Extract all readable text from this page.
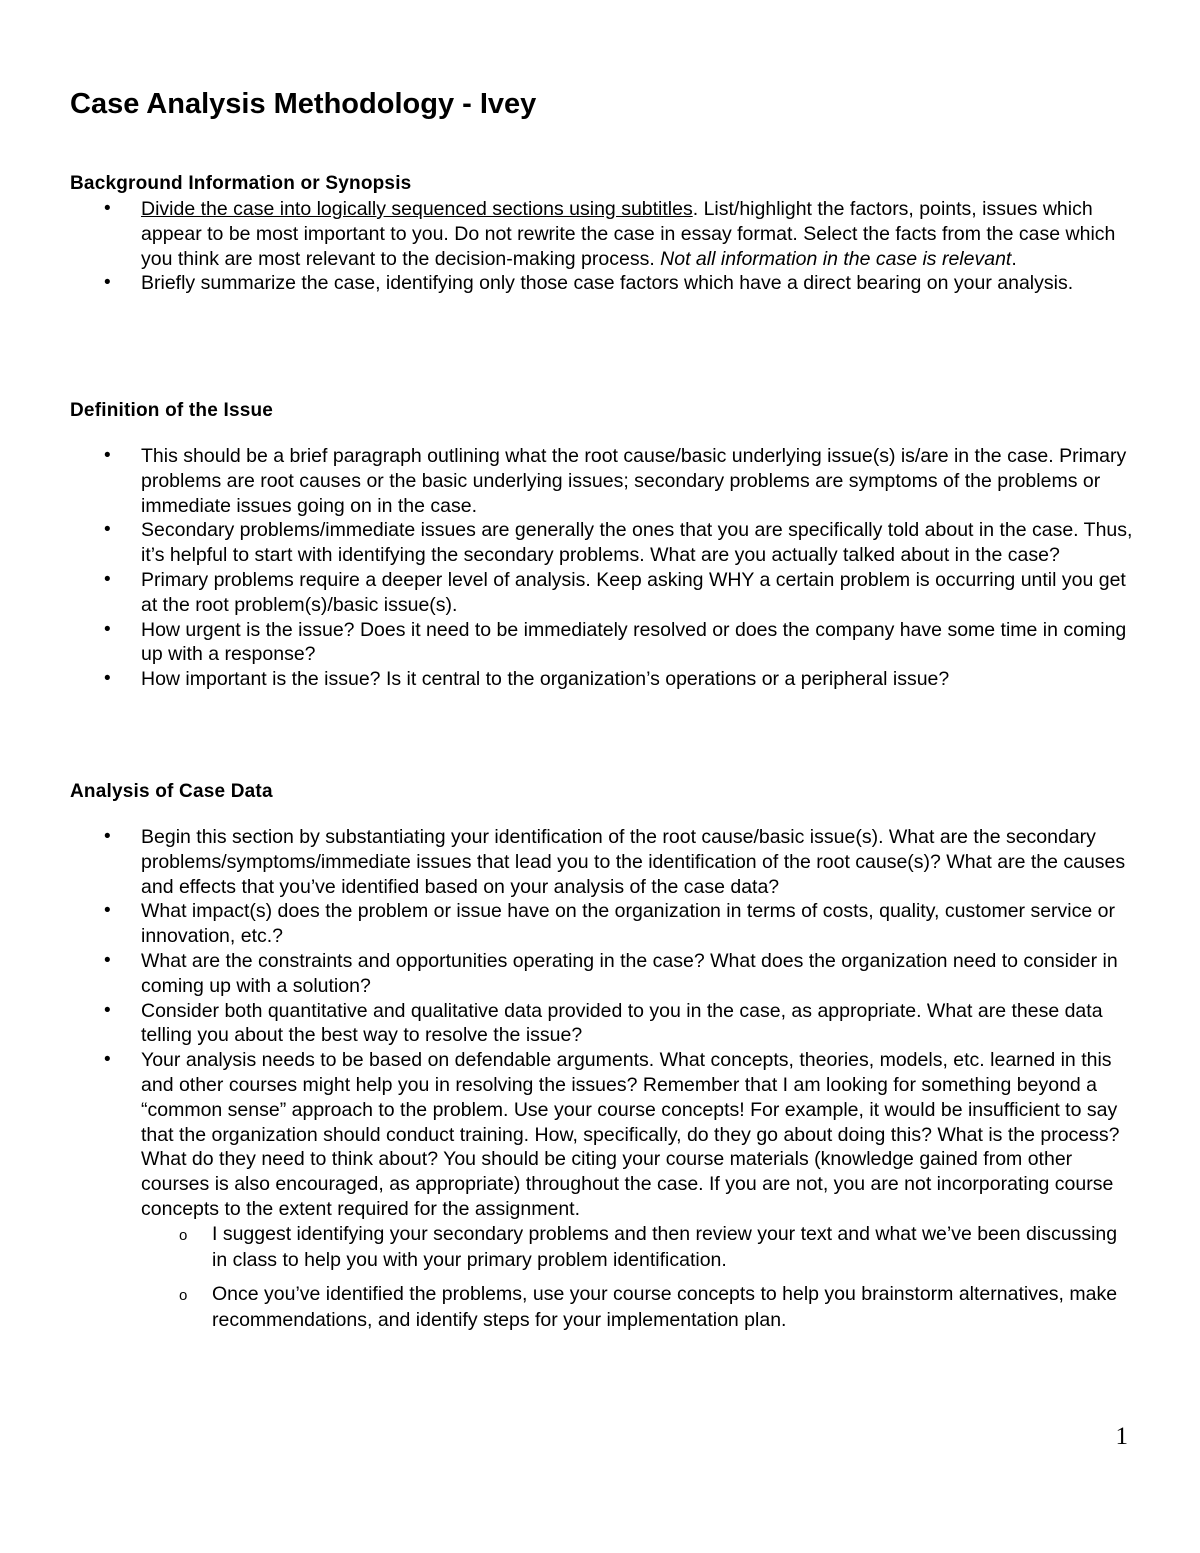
Case Analysis Methodology - Ivey
Background Information or Synopsis
• Divide the case into logically sequenced sections using subtitles. List/highlight the factors, points, issues which appear to be most important to you. Do not rewrite the case in essay format. Select the facts from the case which you think are most relevant to the decision-making process. Not all information in the case is relevant.
• Briefly summarize the case, identifying only those case factors which have a direct bearing on your analysis.
Definition of the Issue
• This should be a brief paragraph outlining what the root cause/basic underlying issue(s) is/are in the case. Primary problems are root causes or the basic underlying issues; secondary problems are symptoms of the problems or immediate issues going on in the case.
• Secondary problems/immediate issues are generally the ones that you are specifically told about in the case. Thus, it’s helpful to start with identifying the secondary problems. What are you actually talked about in the case?
• Primary problems require a deeper level of analysis. Keep asking WHY a certain problem is occurring until you get at the root problem(s)/basic issue(s).
• How urgent is the issue? Does it need to be immediately resolved or does the company have some time in coming up with a response?
• How important is the issue? Is it central to the organization’s operations or a peripheral issue?
Analysis of Case Data
• Begin this section by substantiating your identification of the root cause/basic issue(s). What are the secondary problems/symptoms/immediate issues that lead you to the identification of the root cause(s)? What are the causes and effects that you’ve identified based on your analysis of the case data?
• What impact(s) does the problem or issue have on the organization in terms of costs, quality, customer service or innovation, etc.?
• What are the constraints and opportunities operating in the case? What does the organization need to consider in coming up with a solution?
• Consider both quantitative and qualitative data provided to you in the case, as appropriate. What are these data telling you about the best way to resolve the issue?
• Your analysis needs to be based on defendable arguments. What concepts, theories, models, etc. learned in this and other courses might help you in resolving the issues? Remember that I am looking for something beyond a “common sense” approach to the problem. Use your course concepts! For example, it would be insufficient to say that the organization should conduct training. How, specifically, do they go about doing this? What is the process? What do they need to think about? You should be citing your course materials (knowledge gained from other courses is also encouraged, as appropriate) throughout the case. If you are not, you are not incorporating course concepts to the extent required for the assignment.
o I suggest identifying your secondary problems and then review your text and what we’ve been discussing in class to help you with your primary problem identification.
o Once you’ve identified the problems, use your course concepts to help you brainstorm alternatives, make recommendations, and identify steps for your implementation plan.
1
